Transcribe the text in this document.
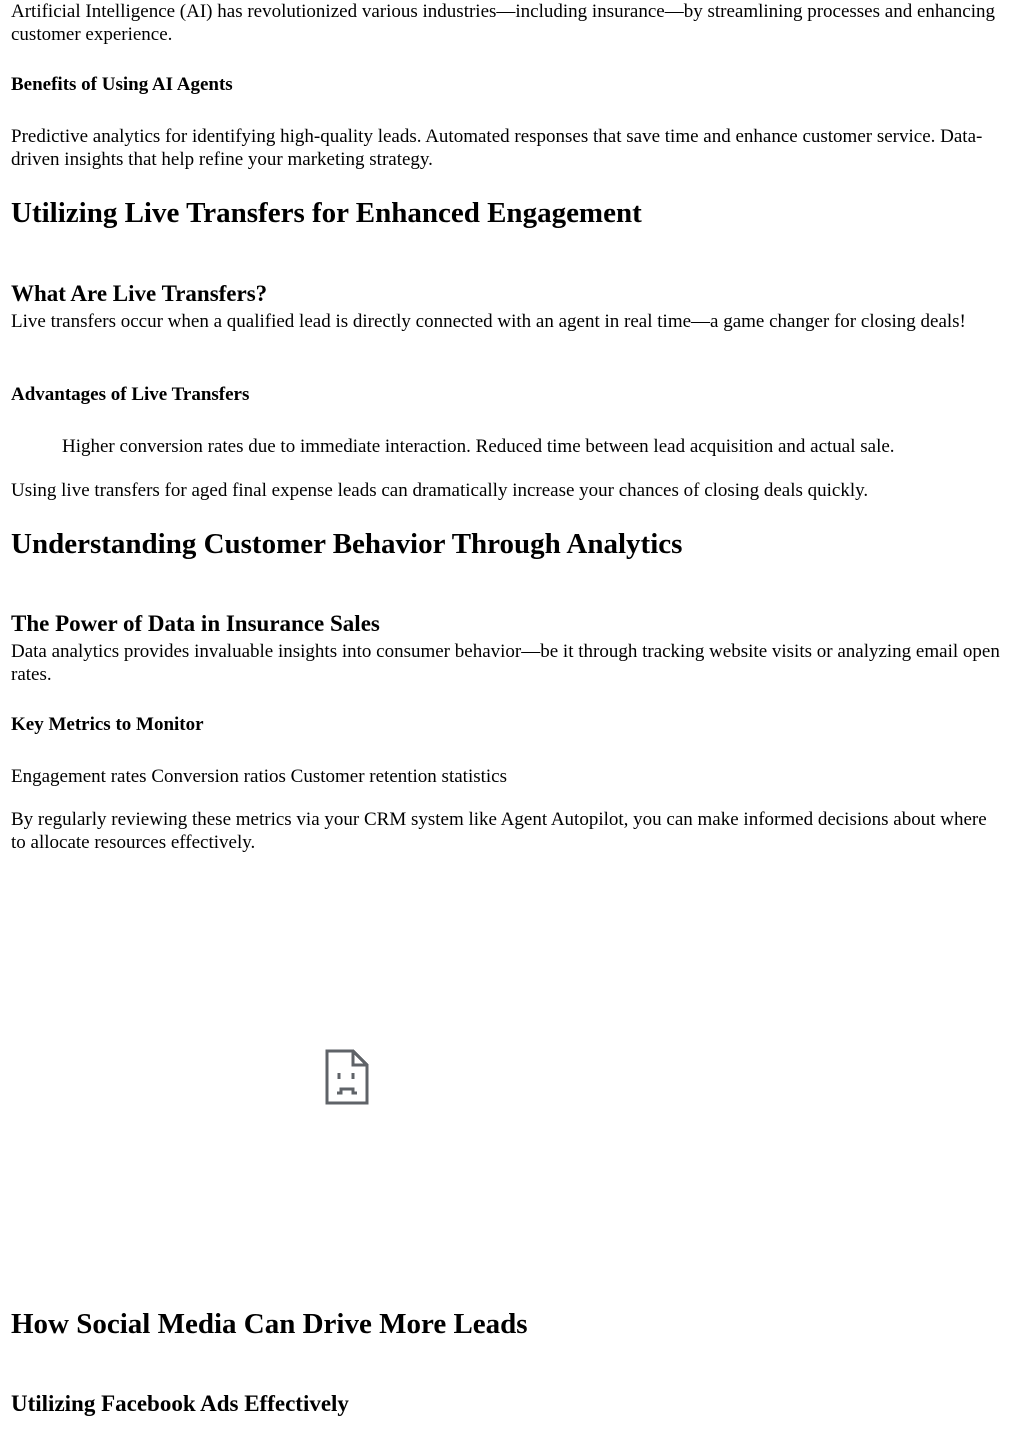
Artificial Intelligence (AI) has revolutionized various industries—including insurance—by streamlining processes and enhancing customer experience.

Benefits of Using AI Agents

Predictive analytics for identifying high-quality leads. Automated responses that save time and enhance customer service. Data-driven insights that help refine your marketing strategy.

Utilizing Live Transfers for Enhanced Engagement
What Are Live Transfers?

Live transfers occur when a qualified lead is directly connected with an agent in real time—a game changer for closing deals!

Advantages of Live Transfers

Higher conversion rates due to immediate interaction. Reduced time between lead acquisition and actual sale.

Using live transfers for aged final expense leads can dramatically increase your chances of closing deals quickly.

Understanding Customer Behavior Through Analytics
The Power of Data in Insurance Sales

Data analytics provides invaluable insights into consumer behavior—be it through tracking website visits or analyzing email open rates.

Key Metrics to Monitor

Engagement rates Conversion ratios Customer retention statistics

By regularly reviewing these metrics via your CRM system like Agent Autopilot, you can make informed decisions about where to allocate resources effectively.

How Social Media Can Drive More Leads
Utilizing Facebook Ads Effectively
